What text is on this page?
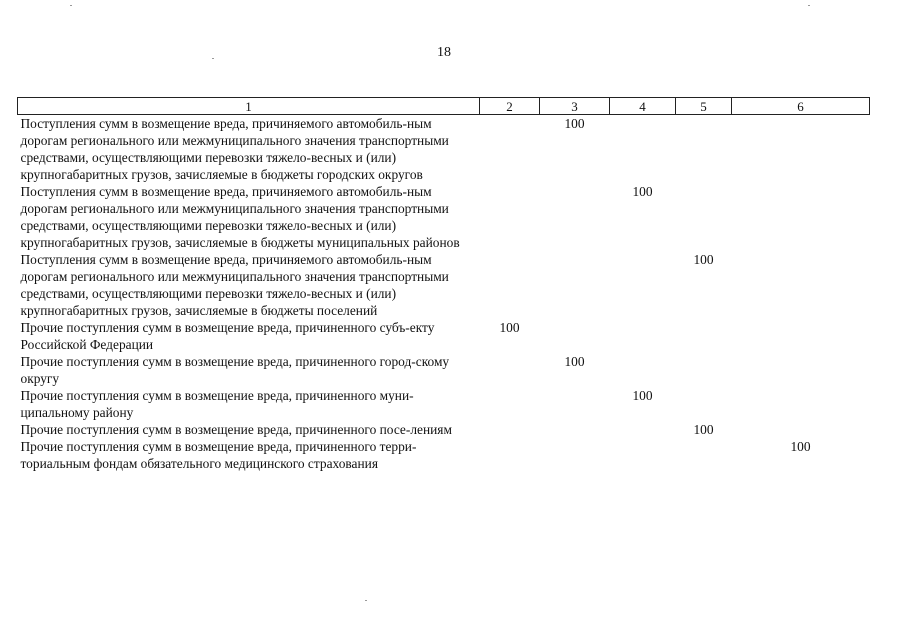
18
1	2	3	4	5	6
Поступления сумм в возмещение вреда, причиняемого автомобиль-ным дорогам регионального или межмуниципального значения транспортными средствами, осуществляющими перевозки тяжело-весных и (или) крупногабаритных грузов, зачисляемые в бюджеты городских округов		100			
Поступления сумм в возмещение вреда, причиняемого автомобиль-ным дорогам регионального или межмуниципального значения транспортными средствами, осуществляющими перевозки тяжело-весных и (или) крупногабаритных грузов, зачисляемые в бюджеты муниципальных районов			100		
Поступления сумм в возмещение вреда, причиняемого автомобиль-ным дорогам регионального или межмуниципального значения транспортными средствами, осуществляющими перевозки тяжело-весных и (или) крупногабаритных грузов, зачисляемые в бюджеты поселений				100	
Прочие поступления сумм в возмещение вреда, причиненного субъ-екту Российской Федерации	100				
Прочие поступления сумм в возмещение вреда, причиненного город-скому округу		100			
Прочие поступления сумм в возмещение вреда, причиненного муни-ципальному району			100		
Прочие поступления сумм в возмещение вреда, причиненного посе-лениям				100	
Прочие поступления сумм в возмещение вреда, причиненного терри-ториальным фондам обязательного медицинского страхования					100
